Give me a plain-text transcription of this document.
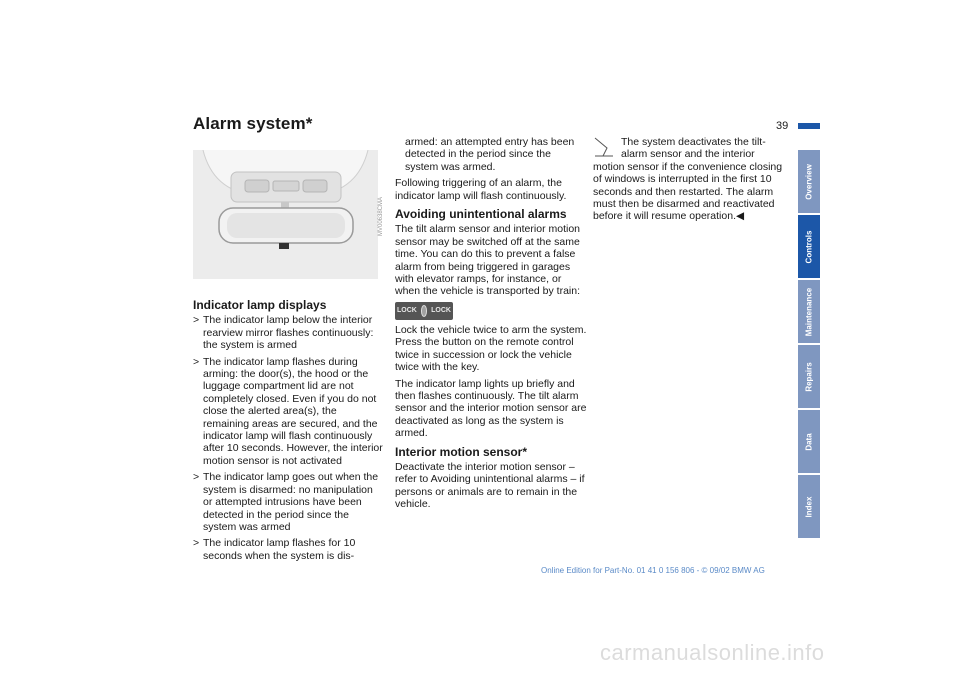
Alarm system*	39
MV00638CMA
Indicator lamp displays

> The indicator lamp below the interior rearview mirror flashes continuously: the system is armed

> The indicator lamp flashes during arming: the door(s), the hood or the luggage compartment lid are not completely closed. Even if you do not close the alerted area(s), the remaining areas are secured, and the indicator lamp will flash continuously after 10 seconds. However, the interior motion sensor is not activated

> The indicator lamp goes out when the system is disarmed: no manipulation or attempted intrusions have been detected in the period since the system was armed

> The indicator lamp flashes for 10 seconds when the system is dis-

armed: an attempted entry has been detected in the period since the system was armed.

Following triggering of an alarm, the indicator lamp will flash continuously.

Avoiding unintentional alarms

The tilt alarm sensor and interior motion sensor may be switched off at the same time. You can do this to prevent a false alarm from being triggered in garages with elevator ramps, for instance, or when the vehicle is transported by train:

LOCK LOCK

Lock the vehicle twice to arm the system. Press the button on the remote control twice in succession or lock the vehicle twice with the key.

The indicator lamp lights up briefly and then flashes continuously. The tilt alarm sensor and the interior motion sensor are deactivated as long as the system is armed.

Interior motion sensor*

Deactivate the interior motion sensor – refer to Avoiding unintentional alarms – if persons or animals are to remain in the vehicle.

The system deactivates the tilt-alarm sensor and the interior motion sensor if the convenience closing of windows is interrupted in the first 10 seconds and then restarted. The alarm must then be disarmed and reactivated before it will resume operation.◀

Overview
Controls
Maintenance
Repairs
Data
Index
Online Edition for Part-No. 01 41 0 156 806 - © 09/02 BMW AG
carmanualsonline.info
